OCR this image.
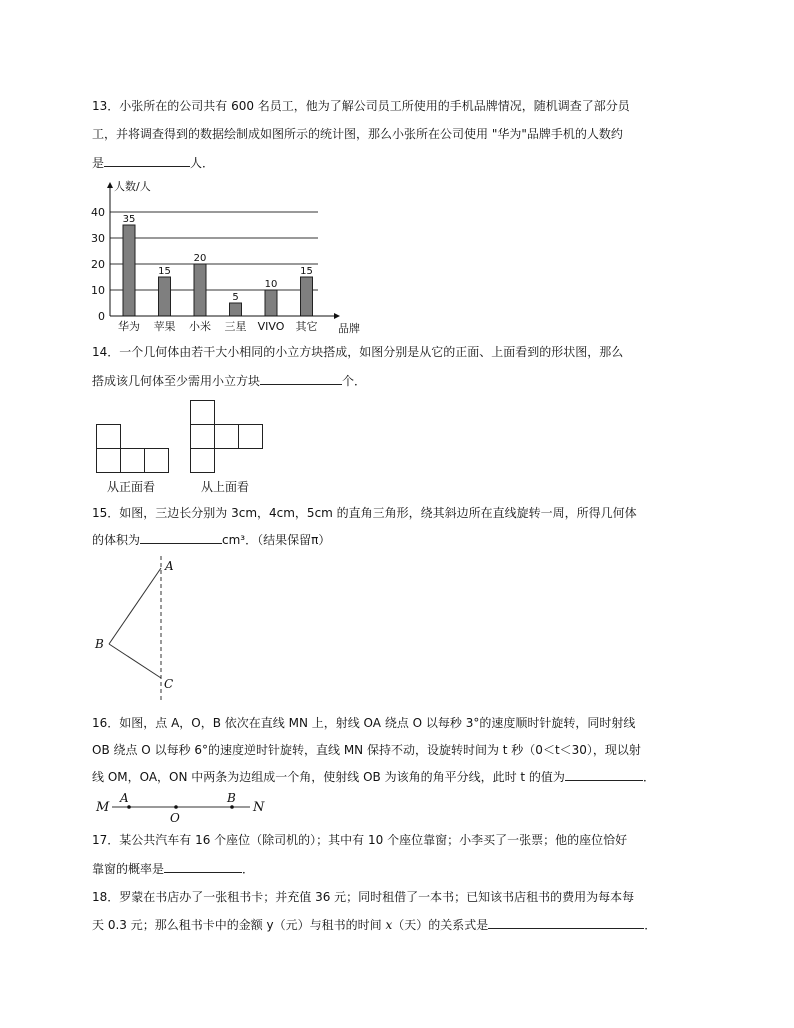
13．小张所在的公司共有 600 名员工，他为了解公司员工所使用的手机品牌情况，随机调查了部分员
工，并将调查得到的数据绘制成如图所示的统计图，那么小张所在公司使用 "华为"品牌手机的人数约
是	人．
0
10
20
30
40
35
华为
15
苹果
20
小米
5
三星
10
VIVO
15
其它
人数/人
品牌
14．一个几何体由若干大小相同的小立方块搭成，如图分别是从它的正面、上面看到的形状图，那么
搭成该几何体至少需用小立方块	个．
从正面看	从上面看
15．如图，三边长分别为 3cm，4cm，5cm 的直角三角形，绕其斜边所在直线旋转一周，所得几何体
的体积为	cm³．（结果保留π）
A
B
C
16．如图，点 A，O，B 依次在直线 MN 上，射线 OA 绕点 O 以每秒 3°的速度顺时针旋转，同时射线
OB 绕点 O 以每秒 6°的速度逆时针旋转，直线 MN 保持不动，设旋转时间为 t 秒（0＜t＜30），现以射
线 OM，OA，ON 中两条为边组成一个角，使射线 OB 为该角的角平分线，此时 t 的值为	．
M
A
O
B
N
17．某公共汽车有 16 个座位（除司机的）；其中有 10 个座位靠窗；小李买了一张票；他的座位恰好
靠窗的概率是	．
18．罗蒙在书店办了一张租书卡；并充值 36 元；同时租借了一本书；已知该书店租书的费用为每本每
天 0.3 元；那么租书卡中的金额 y（元）与租书的时间 x（天）的关系式是	．
